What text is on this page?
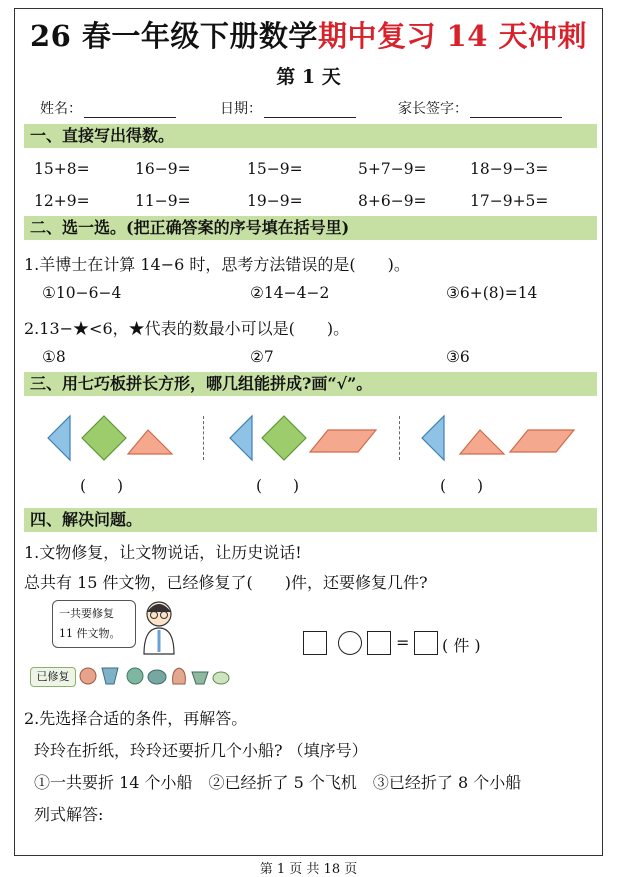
26 春一年级下册数学期中复习 14 天冲刺
第 1 天
姓名：	日期：	家长签字：
一、直接写出得数。
15+8=	16−9=	15−9=	5+7−9=	18−9−3=
12+9=	11−9=	19−9=	8+6−9=	17−9+5=
二、选一选。(把正确答案的序号填在括号里)
1.羊博士在计算 14−6 时，思考方法错误的是(　　)。
①10−6−4	②14−4−2	③6+(8)=14
2.13−★<6，★代表的数最小可以是(　　)。
①8	②7	③6
三、用七巧板拼长方形，哪几组能拼成?画“√”。
(　　)	(　　)	(　　)
四、解决问题。
1.文物修复，让文物说话，让历史说话!
总共有 15 件文物，已经修复了(　　)件，还要修复几件?
一共要修复
11 件文物。
已修复
= ( 件 )
2.先选择合适的条件，再解答。
玲玲在折纸，玲玲还要折几个小船? （填序号）
①一共要折 14 个小船　②已经折了 5 个飞机　③已经折了 8 个小船
列式解答:
第 1 页 共 18 页
